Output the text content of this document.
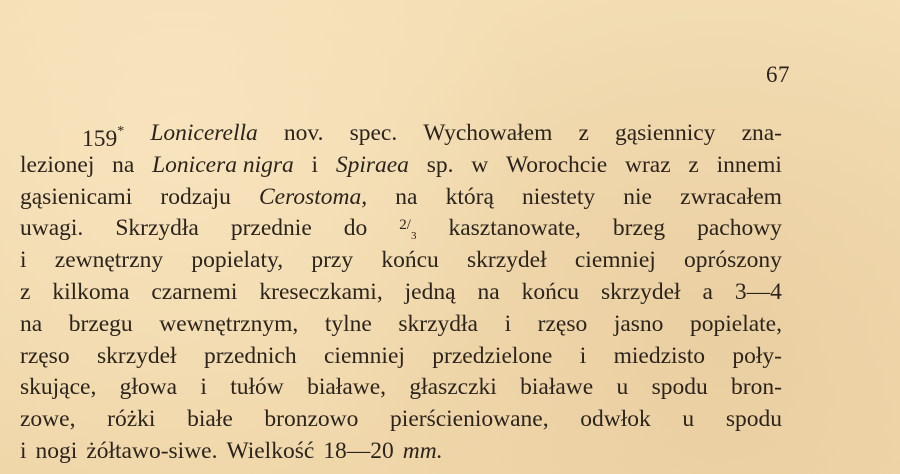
67
159* Lonicerella nov. spec. Wychowałem z gąsiennicy zna-
lezionej na Lonicera nigra i Spiraea sp. w Worochcie wraz z innemi
gąsienicami rodzaju Cerostoma, na którą niestety nie zwracałem
uwagi. Skrzydła przednie do $2/_3$ kasztanowate, brzeg pachowy
i zewnętrzny popielaty, przy końcu skrzydeł ciemniej oprószony
z kilkoma czarnemi kreseczkami, jedną na końcu skrzydeł a 3—4
na brzegu wewnętrznym, tylne skrzydła i rzęso jasno popielate,
rzęso skrzydeł przednich ciemniej przedzielone i miedzisto poły-
skujące, głowa i tułów białawe, głaszczki białawe u spodu bron-
zowe, różki białe bronzowo pierścieniowane, odwłok u spodu
i nogi żółtawo-siwe. Wielkość 18—20 mm.
